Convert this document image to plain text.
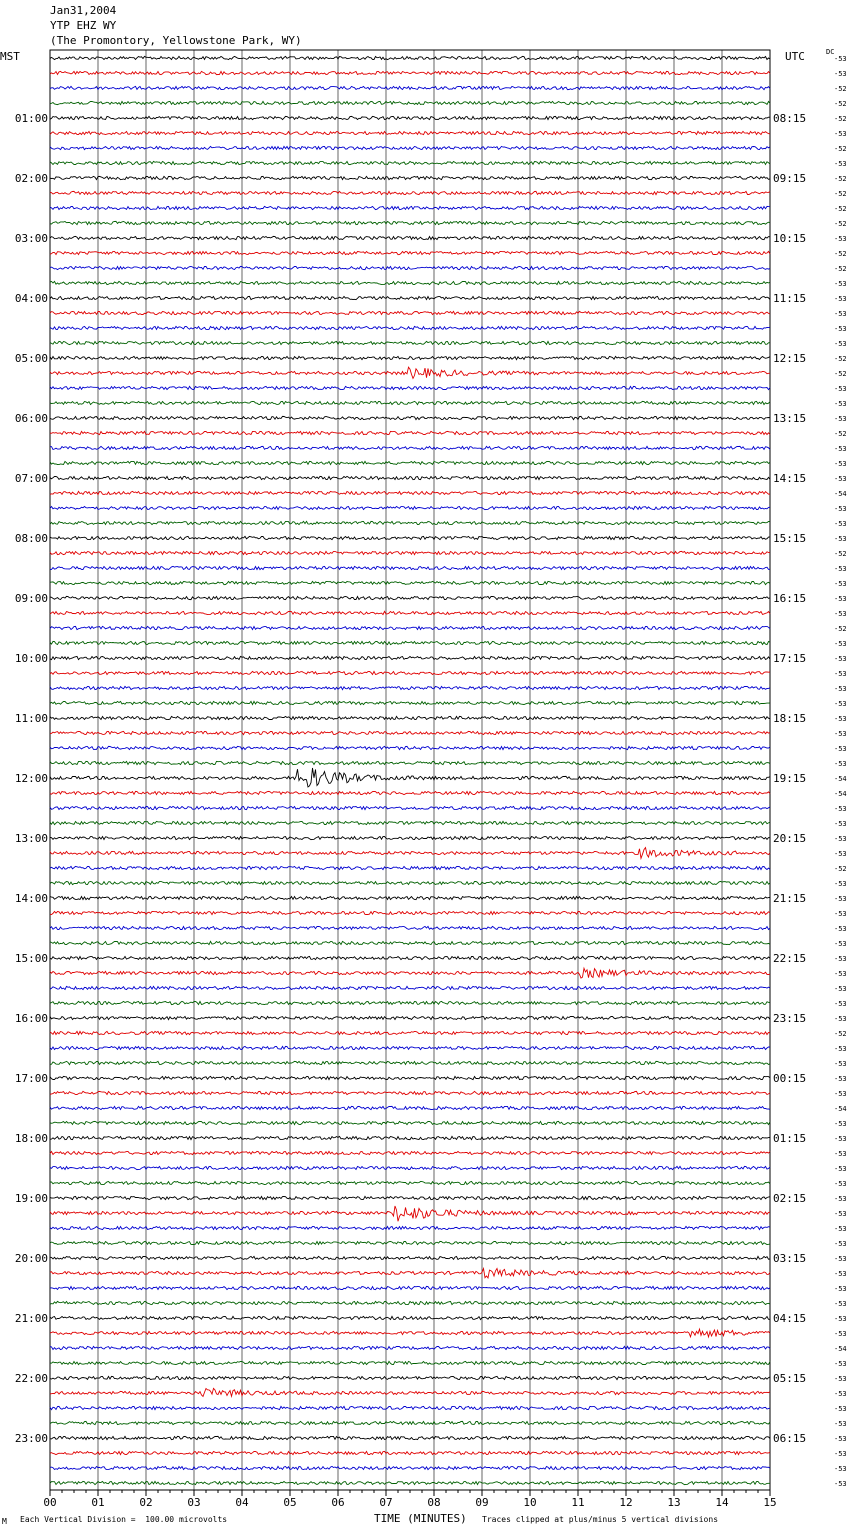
Jan31,2004
YTP EHZ WY
(The Promontory, Yellowstone Park, WY)
MST	UTC	DC
00	01	02	03	04	05	06	07	08	09	10	11	12	13	14	15
01:00
02:00
03:00
04:00
05:00
06:00
07:00
08:00
09:00
10:00
11:00
12:00
13:00
14:00
15:00
16:00
17:00
18:00
19:00
20:00
21:00
22:00
23:00
08:15
09:15
10:15
11:15
12:15
13:15
14:15
15:15
16:15
17:15
18:15
19:15
20:15
21:15
22:15
23:15
00:15
01:15
02:15
03:15
04:15
05:15
06:15
-53
-53
-52
-52
-52
-53
-52
-53
-52
-52
-52
-52
-53
-52
-52
-53
-53
-53
-53
-53
-52
-52
-53
-53
-53
-52
-53
-53
-53
-54
-53
-53
-53
-52
-53
-53
-53
-53
-52
-53
-53
-53
-53
-53
-53
-53
-53
-53
-54
-54
-53
-53
-53
-53
-52
-53
-53
-53
-53
-53
-53
-53
-53
-53
-53
-52
-53
-53
-53
-53
-54
-53
-53
-53
-53
-53
-53
-53
-53
-53
-53
-53
-53
-53
-53
-53
-54
-53
-53
-53
-53
-53
-53
-53
-53
-53
M Each Vertical Division =  100.00 microvolts	TIME (MINUTES) Traces clipped at plus/minus 5 vertical divisions
